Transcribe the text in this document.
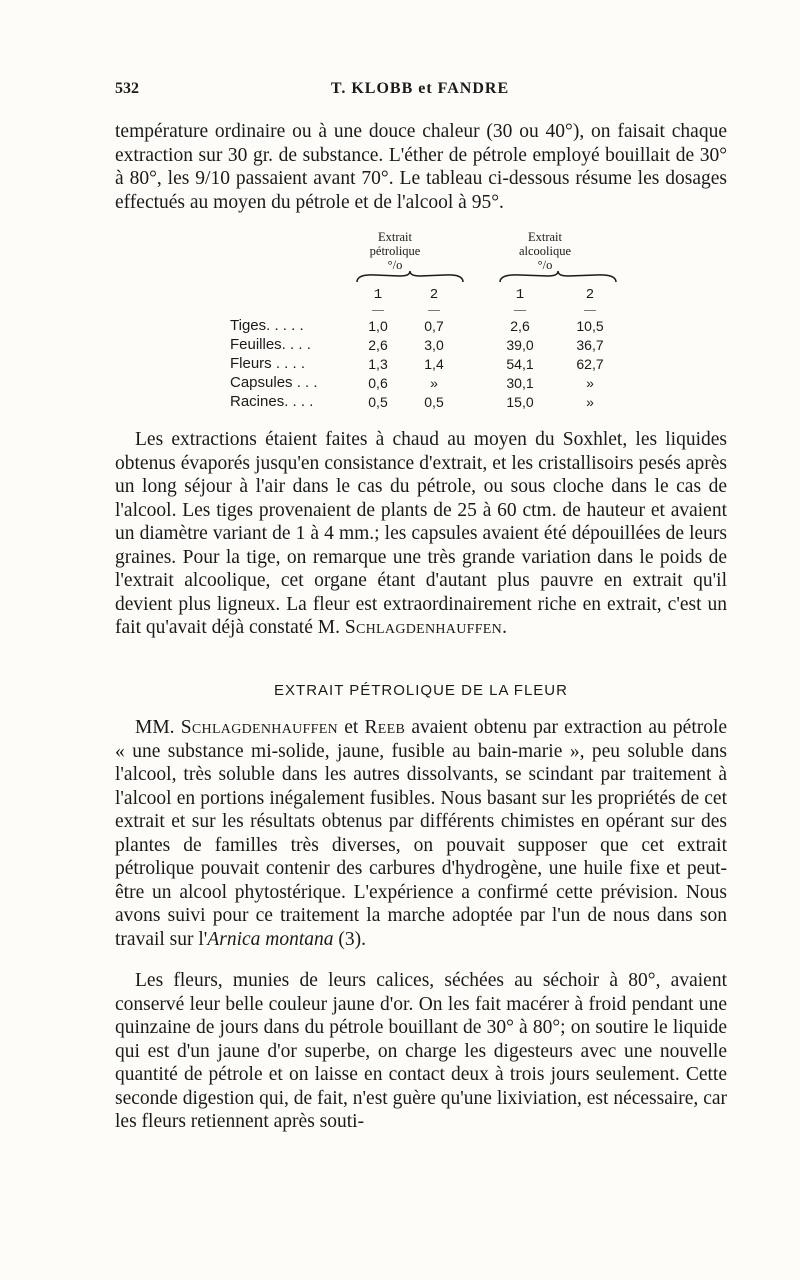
532	T. KLOBB et FANDRE
température ordinaire ou à une douce chaleur (30 ou 40°), on faisait chaque extraction sur 30 gr. de substance. L'éther de pétrole employé bouillait de 30° à 80°, les 9/10 passaient avant 70°. Le tableau ci-dessous résume les dosages effectués au moyen du pétrole et de l'alcool à 95°.
Extrait
pétrolique
°/o
Extrait
alcoolique
°/o
1	2	1	2
—	—	—	—
Tiges. . . . .	1,0	0,7	2,6	10,5
Feuilles. . . .	2,6	3,0	39,0	36,7
Fleurs . . . .	1,3	1,4	54,1	62,7
Capsules . . .	0,6	»	30,1	»
Racines. . . .	0,5	0,5	15,0	»
Les extractions étaient faites à chaud au moyen du Soxhlet, les liquides obtenus évaporés jusqu'en consistance d'extrait, et les cristallisoirs pesés après un long séjour à l'air dans le cas du pétrole, ou sous cloche dans le cas de l'alcool. Les tiges provenaient de plants de 25 à 60 ctm. de hauteur et avaient un diamètre variant de 1 à 4 mm.; les capsules avaient été dépouillées de leurs graines. Pour la tige, on remarque une très grande variation dans le poids de l'extrait alcoolique, cet organe étant d'autant plus pauvre en extrait qu'il devient plus ligneux. La fleur est extraordinairement riche en extrait, c'est un fait qu'avait déjà constaté M. Schlagdenhauffen.
EXTRAIT PÉTROLIQUE DE LA FLEUR
MM. Schlagdenhauffen et Reeb avaient obtenu par extraction au pétrole « une substance mi-solide, jaune, fusible au bain-marie », peu soluble dans l'alcool, très soluble dans les autres dissolvants, se scindant par traitement à l'alcool en portions inégalement fusibles. Nous basant sur les propriétés de cet extrait et sur les résultats obtenus par différents chimistes en opérant sur des plantes de familles très diverses, on pouvait supposer que cet extrait pétrolique pouvait contenir des carbures d'hydrogène, une huile fixe et peut-être un alcool phytostérique. L'expérience a confirmé cette prévision. Nous avons suivi pour ce traitement la marche adoptée par l'un de nous dans son travail sur l'Arnica montana (3).
Les fleurs, munies de leurs calices, séchées au séchoir à 80°, avaient conservé leur belle couleur jaune d'or. On les fait macérer à froid pendant une quinzaine de jours dans du pétrole bouillant de 30° à 80°; on soutire le liquide qui est d'un jaune d'or superbe, on charge les digesteurs avec une nouvelle quantité de pétrole et on laisse en contact deux à trois jours seulement. Cette seconde digestion qui, de fait, n'est guère qu'une lixiviation, est nécessaire, car les fleurs retiennent après souti-
